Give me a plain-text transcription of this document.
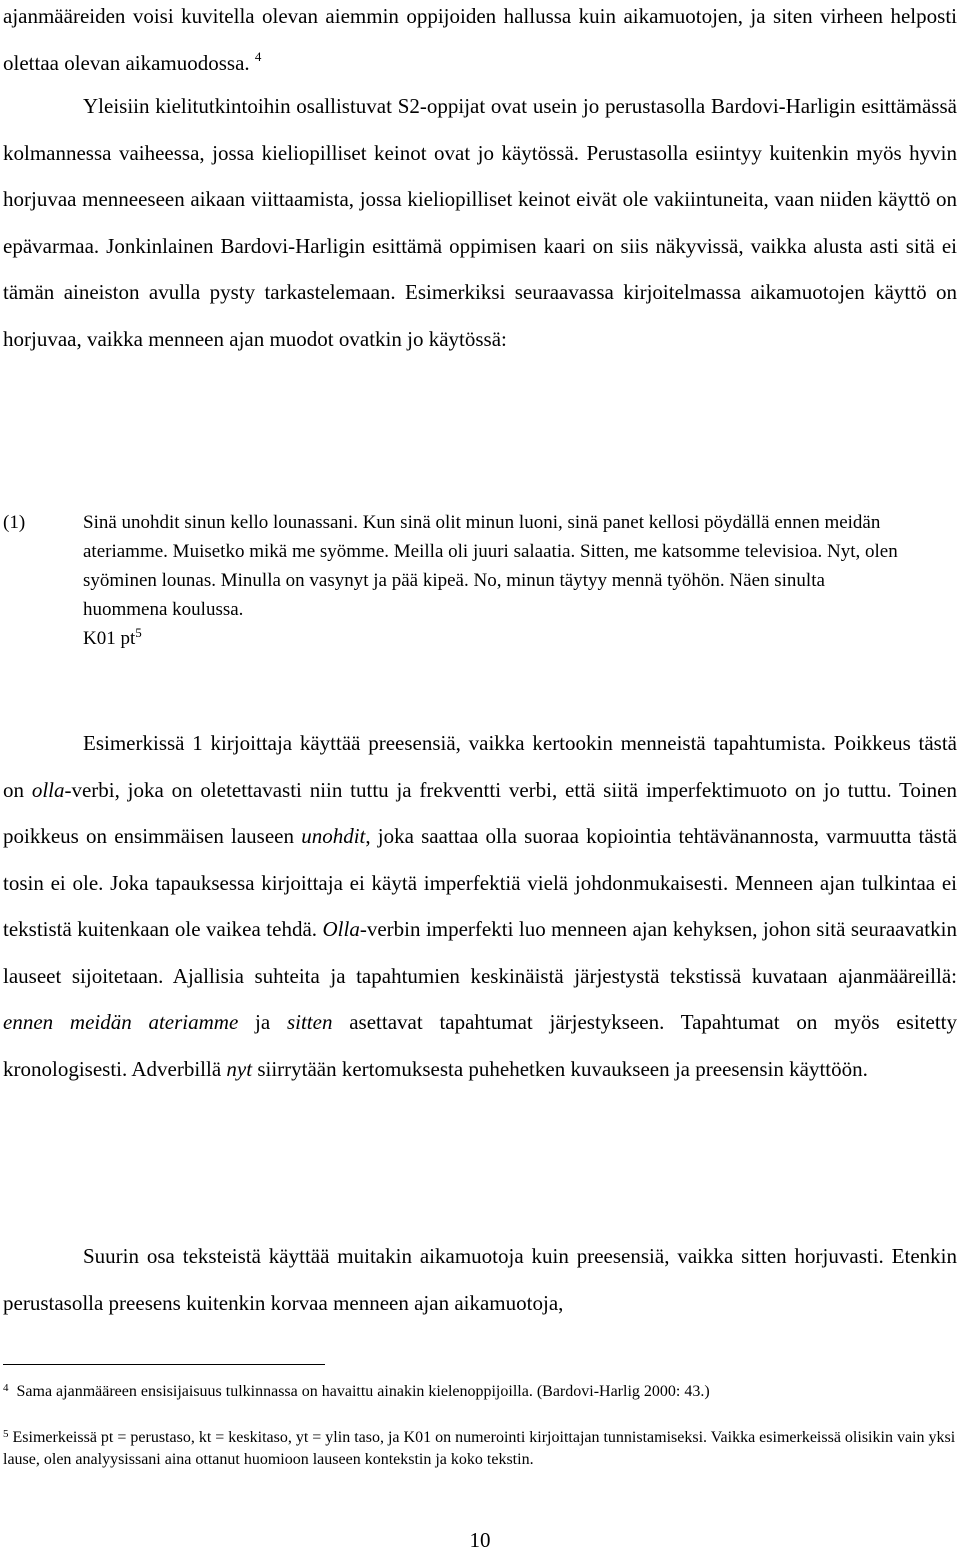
ajanmääreiden voisi kuvitella olevan aiemmin oppijoiden hallussa kuin aikamuotojen, ja siten virheen helposti olettaa olevan aikamuodossa. $^4$

Yleisiin kielitutkintoihin osallistuvat S2-oppijat ovat usein jo perustasolla Bardovi-Harligin esittämässä kolmannessa vaiheessa, jossa kieliopilliset keinot ovat jo käytössä. Perustasolla esiintyy kuitenkin myös hyvin horjuvaa menneeseen aikaan viittaamista, jossa kieliopilliset keinot eivät ole vakiintuneita, vaan niiden käyttö on epävarmaa. Jonkinlainen Bardovi-Harligin esittämä oppimisen kaari on siis näkyvissä, vaikka alusta asti sitä ei tämän aineiston avulla pysty tarkastelemaan. Esimerkiksi seuraavassa kirjoitelmassa aikamuotojen käyttö on horjuvaa, vaikka menneen ajan muodot ovatkin jo käytössä:

(1)	Sinä unohdit sinun kello lounassani. Kun sinä olit minun luoni, sinä panet kellosi pöydällä ennen meidän ateriamme. Muisetko mikä me syömme. Meilla oli juuri salaatia. Sitten, me katsomme televisioa. Nyt, olen syöminen lounas. Minulla on vasynyt ja pää kipeä. No, minun täytyy mennä työhön. Näen sinulta huommena koulussa.

K01 $pt^5$

Esimerkissä 1 kirjoittaja käyttää preesensiä, vaikka kertookin menneistä tapahtumista. Poikkeus tästä on olla-verbi, joka on oletettavasti niin tuttu ja frekventti verbi, että siitä imperfektimuoto on jo tuttu. Toinen poikkeus on ensimmäisen lauseen unohdit, joka saattaa olla suoraa kopiointia tehtävänannosta, varmuutta tästä tosin ei ole. Joka tapauksessa kirjoittaja ei käytä imperfektiä vielä johdonmukaisesti. Menneen ajan tulkintaa ei tekstistä kuitenkaan ole vaikea tehdä. Olla-verbin imperfekti luo menneen ajan kehyksen, johon sitä seuraavatkin lauseet sijoitetaan. Ajallisia suhteita ja tapahtumien keskinäistä järjestystä tekstissä kuvataan ajanmääreillä: ennen meidän ateriamme ja sitten asettavat tapahtumat järjestykseen. Tapahtumat on myös esitetty kronologisesti. Adverbillä nyt siirrytään kertomuksesta puhehetken kuvaukseen ja preesensin käyttöön.

Suurin osa teksteistä käyttää muitakin aikamuotoja kuin preesensiä, vaikka sitten horjuvasti. Etenkin perustasolla preesens kuitenkin korvaa menneen ajan aikamuotoja,

$^4$ Sama ajanmääreen ensisijaisuus tulkinnassa on havaittu ainakin kielenoppijoilla. (Bardovi-Harlig 2000: 43.)

$^5$ Esimerkeissä pt = perustaso, kt = keskitaso, yt = ylin taso, ja K01 on numerointi kirjoittajan tunnistamiseksi. Vaikka esimerkeissä olisikin vain yksi lause, olen analyysissani aina ottanut huomioon lauseen kontekstin ja koko tekstin.

10
